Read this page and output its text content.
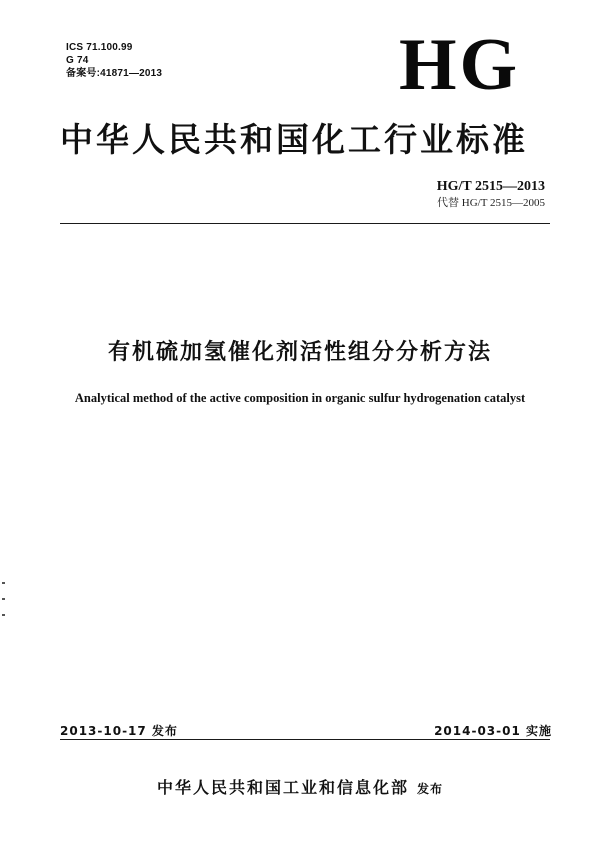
ICS 71.100.99
G 74
备案号:41871—2013	HG
中华人民共和国化工行业标准
HG/T 2515—2013
代替 HG/T 2515—2005
有机硫加氢催化剂活性组分分析方法
Analytical method of the active composition in organic sulfur hydrogenation catalyst
2013-10-17 发布	2014-03-01 实施
中华人民共和国工业和信息化部 发布
